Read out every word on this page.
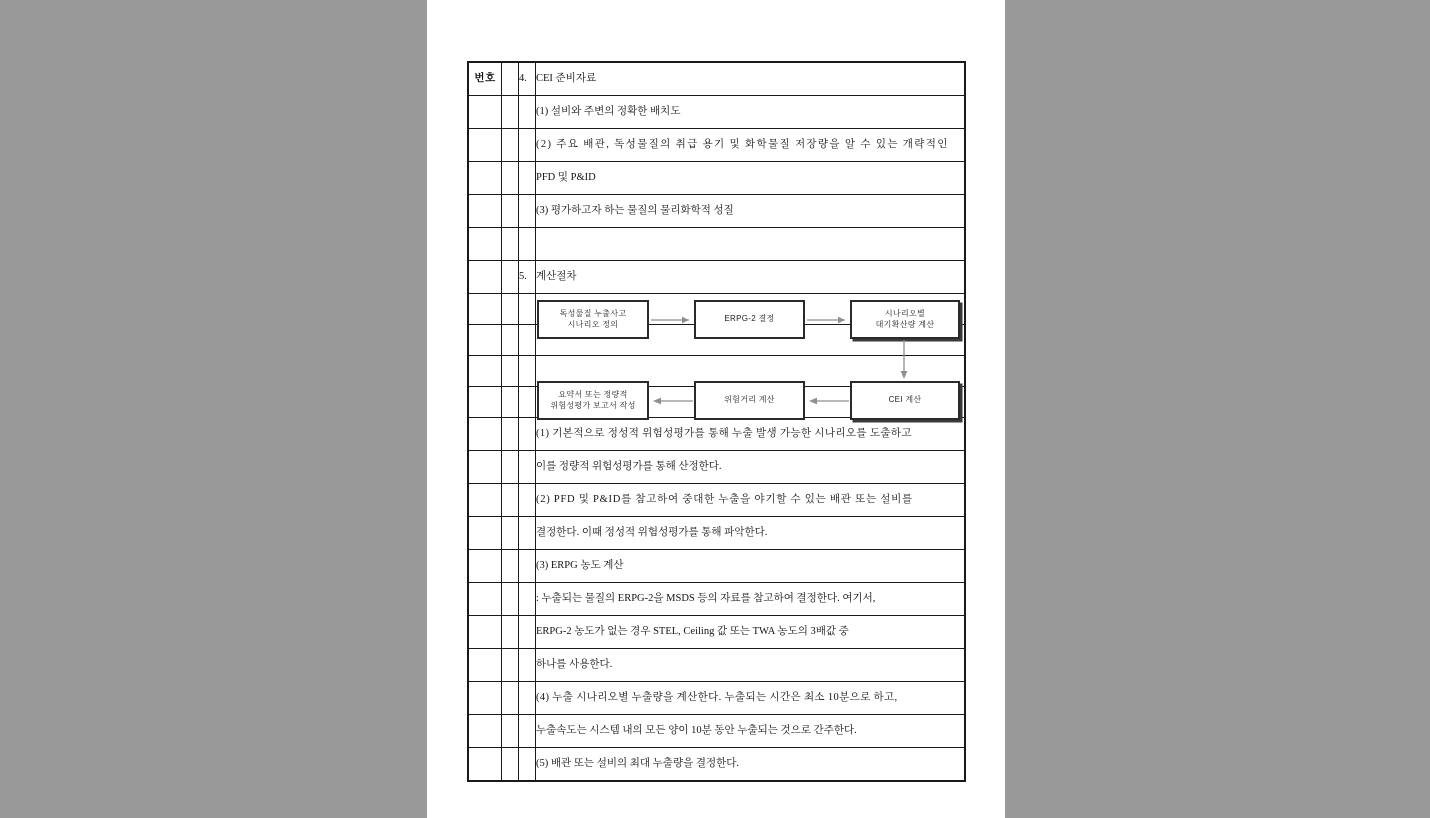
번호		4.	CEI 준비자료
			(1) 설비와 주변의 정확한 배치도
			(2) 주요 배관, 독성물질의 취급 용기 및 화학물질 저장량을 알 수 있는 개략적인
			PFD 및 P&ID
			(3) 평가하고자 하는 물질의 물리화학적 성질

		5.	계산절차

			(1) 기본적으로 정성적 위험성평가를 통해 누출 발생 가능한 시나리오를 도출하고
			이를 정량적 위험성평가를 통해 산정한다.
			(2) PFD 및 P&ID를 참고하여 중대한 누출을 야기할 수 있는 배관 또는 설비를
			결정한다. 이때 정성적 위험성평가를 통해 파악한다.
			(3) ERPG 농도 계산
			: 누출되는 물질의 ERPG-2을 MSDS 등의 자료를 참고하여 결정한다. 여기서,
			ERPG-2 농도가 없는 경우 STEL, Ceiling 값 또는 TWA 농도의 3배값 중
			하나를 사용한다.
			(4) 누출 시나리오별 누출량을 계산한다. 누출되는 시간은 최소 10분으로 하고,
			누출속도는 시스템 내의 모든 양이 10분 동안 누출되는 것으로 간주한다.
			(5) 배관 또는 설비의 최대 누출량을 결정한다.
독성물질 누출사고
시나리오 정의
ERPG-2 결정
시나리오별
대기확산량 계산
CEI 계산
위험거리 계산
요약서 또는 정량적
위험성평가 보고서 작성
